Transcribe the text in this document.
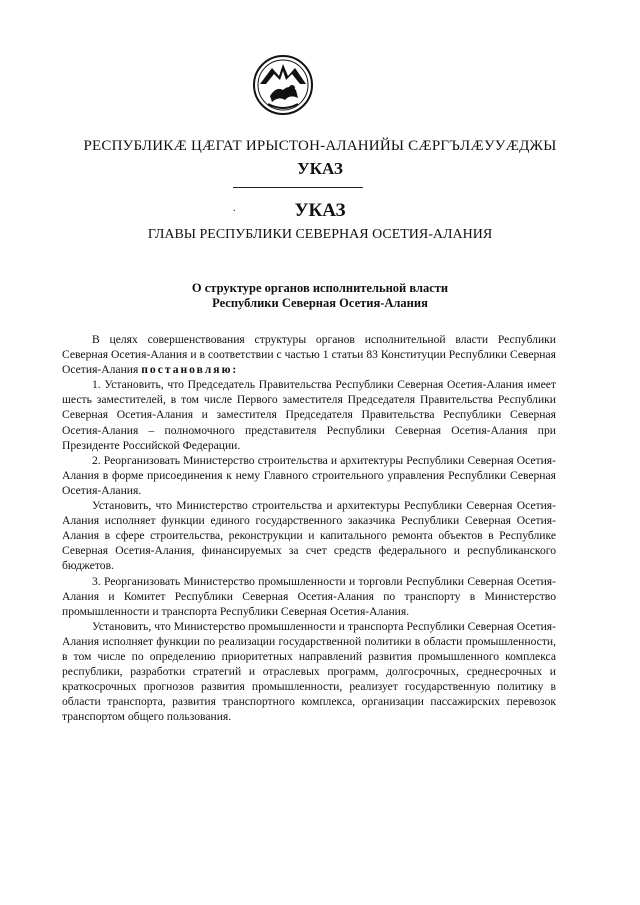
РЕСПУБЛИКӔ ЦӔГАТ ИРЫСТОН-АЛАНИЙЫ СӔРГЪЛӔУУӔДЖЫ
УКАЗ
.	УКАЗ
ГЛАВЫ РЕСПУБЛИКИ СЕВЕРНАЯ ОСЕТИЯ-АЛАНИЯ
О структуре органов исполнительной власти
Республики Северная Осетия-Алания

В целях совершенствования структуры органов исполнительной власти Республики Северная Осетия-Алания и в соответствии с частью 1 статьи 83 Конституции Республики Северная Осетия-Алания постановляю:

1. Установить, что Председатель Правительства Республики Северная Осетия-Алания имеет шесть заместителей, в том числе Первого заместителя Председателя Правительства Республики Северная Осетия-Алания и заместителя Председателя Правительства Республики Северная Осетия-Алания – полномочного представителя Республики Северная Осетия-Алания при Президенте Российской Федерации.

2. Реорганизовать Министерство строительства и архитектуры Республики Северная Осетия-Алания в форме присоединения к нему Главного строительного управления Республики Северная Осетия-Алания.

Установить, что Министерство строительства и архитектуры Республики Северная Осетия-Алания исполняет функции единого государственного заказчика Республики Северная Осетия-Алания в сфере строительства, реконструкции и капитального ремонта объектов в Республике Северная Осетия-Алания, финансируемых за счет средств федерального и республиканского бюджетов.

3. Реорганизовать Министерство промышленности и торговли Республики Северная Осетия-Алания и Комитет Республики Северная Осетия-Алания по транспорту в Министерство промышленности и транспорта Республики Северная Осетия-Алания.

Установить, что Министерство промышленности и транспорта Республики Северная Осетия-Алания исполняет функции по реализации государственной политики в области промышленности, в том числе по определению приоритетных направлений развития промышленного комплекса республики, разработки стратегий и отраслевых программ, долгосрочных, среднесрочных и краткосрочных прогнозов развития промышленности, реализует государственную политику в области транспорта, развития транспортного комплекса, организации пассажирских перевозок транспортом общего пользования.
